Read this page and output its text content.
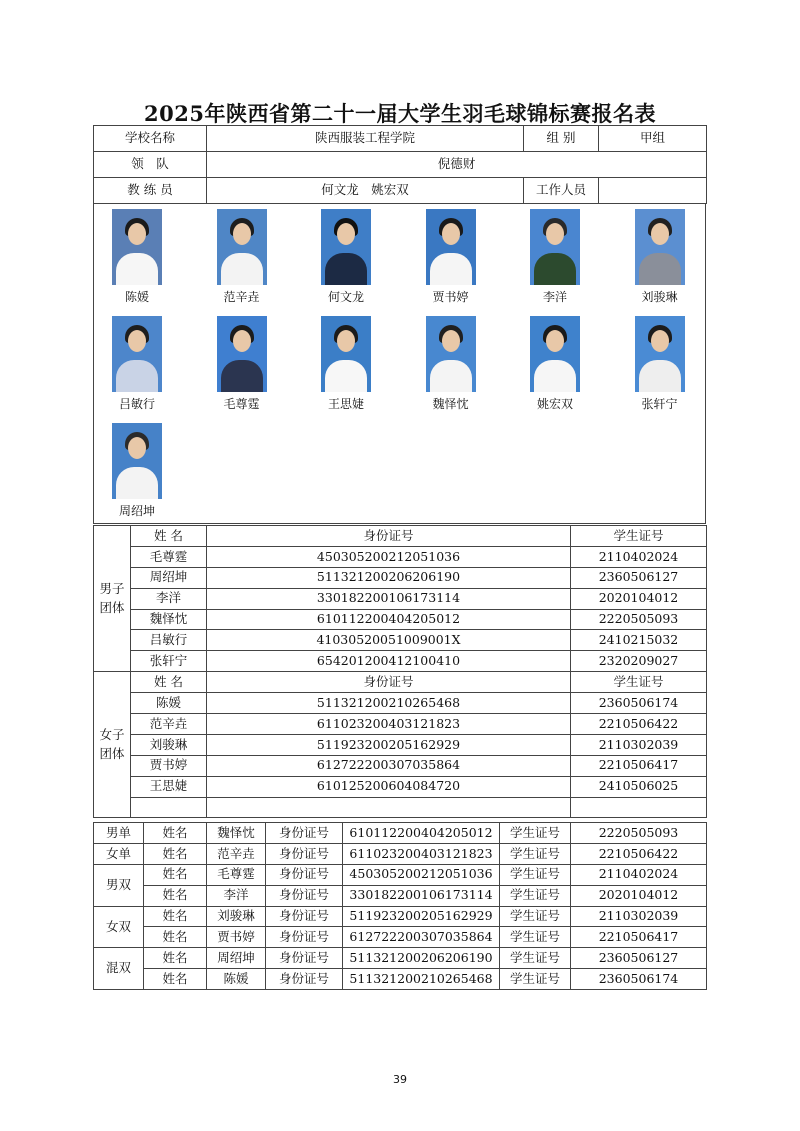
2025年陕西省第二十一届大学生羽毛球锦标赛报名表
学校名称	陕西服装工程学院	组 别	甲组
领　队	倪德财		
教 练 员	何文龙　姚宏双	工作人员	
陈媛	范辛垚	何文龙	贾书婷	李洋	刘骏琳
吕敏行	毛尊霆	王思婕	魏怿忱	姚宏双	张轩宁
周绍坤
男子团体	姓 名	身份证号	学生证号
	毛尊霆	450305200212051036	2110402024
	周绍坤	511321200206206190	2360506127
	李洋	330182200106173114	2020104012
	魏怿忱	610112200404205012	2220505093
	吕敏行	41030520051009001X	2410215032
	张轩宁	654201200412100410	2320209027
女子团体	姓 名	身份证号	学生证号
	陈媛	511321200210265468	2360506174
	范辛垚	611023200403121823	2210506422
	刘骏琳	511923200205162929	2110302039
	贾书婷	612722200307035864	2210506417
	王思婕	610125200604084720	2410506025

男单	姓名	魏怿忱	身份证号	610112200404205012	学生证号	2220505093
女单	姓名	范辛垚	身份证号	611023200403121823	学生证号	2210506422
男双	姓名	毛尊霆	身份证号	450305200212051036	学生证号	2110402024
	姓名	李洋	身份证号	330182200106173114	学生证号	2020104012
女双	姓名	刘骏琳	身份证号	511923200205162929	学生证号	2110302039
	姓名	贾书婷	身份证号	612722200307035864	学生证号	2210506417
混双	姓名	周绍坤	身份证号	511321200206206190	学生证号	2360506127
	姓名	陈媛	身份证号	511321200210265468	学生证号	2360506174
39
